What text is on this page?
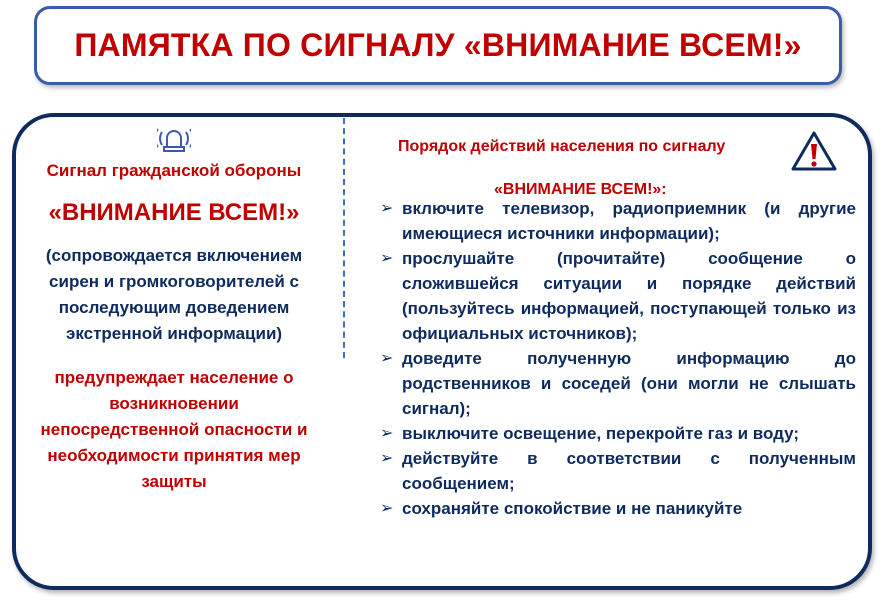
ПАМЯТКА ПО СИГНАЛУ «ВНИМАНИЕ ВСЕМ!»
Сигнал гражданской обороны
«ВНИМАНИЕ ВСЕМ!»
(сопровождается включением
сирен и громкоговорителей с
последующим доведением
экстренной информации)
предупреждает население о
возникновении
непосредственной опасности и
необходимости принятия мер
защиты
Порядок действий населения по сигналу
«ВНИМАНИЕ ВСЕМ!»:
➢ включите телевизор, радиоприемник (и другие имеющиеся источники информации);
➢ прослушайте (прочитайте) сообщение о сложившейся ситуации и порядке действий (пользуйтесь информацией, поступающей только из официальных источников);
➢ доведите полученную информацию до родственников и соседей (они могли не слышать сигнал);
➢ выключите освещение, перекройте газ и воду;
➢ действуйте в соответствии с полученным сообщением;
➢ сохраняйте спокойствие и не паникуйте
